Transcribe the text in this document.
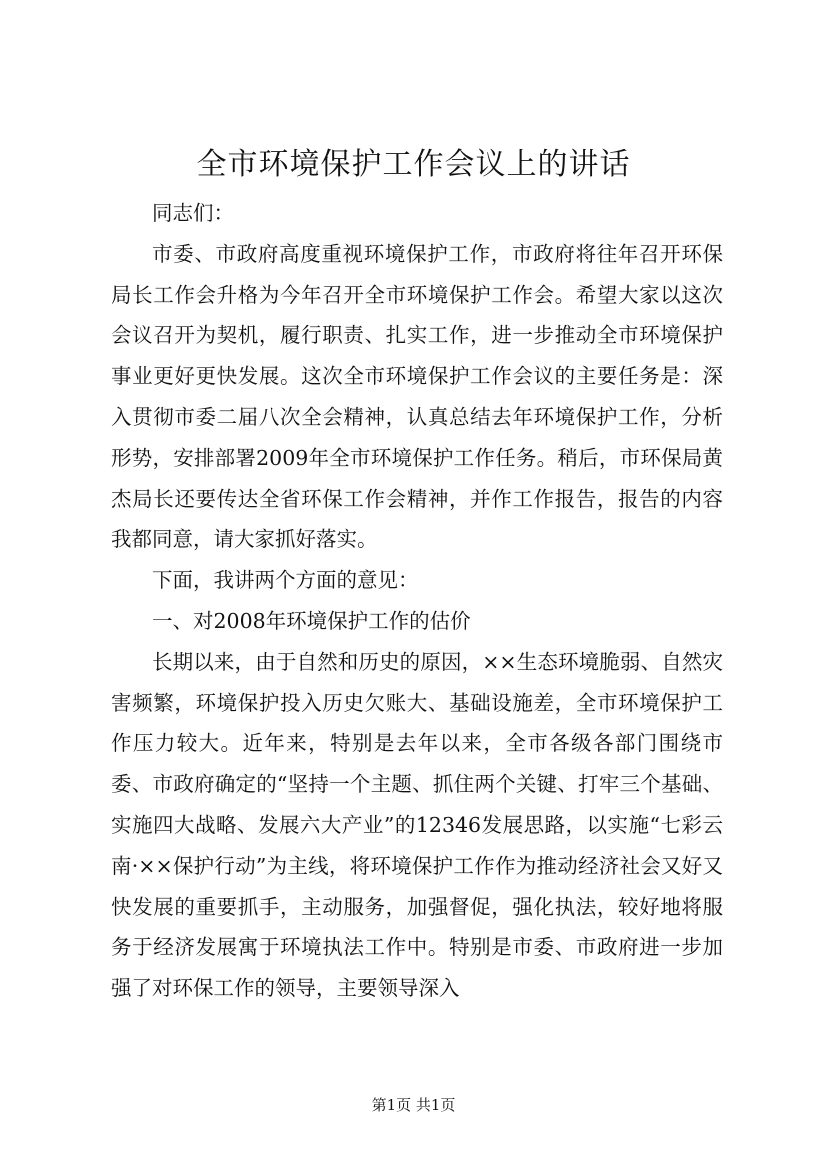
全市环境保护工作会议上的讲话

同志们：

市委、市政府高度重视环境保护工作，市政府将往年召开环保局长工作会升格为今年召开全市环境保护工作会。希望大家以这次会议召开为契机，履行职责、扎实工作，进一步推动全市环境保护事业更好更快发展。这次全市环境保护工作会议的主要任务是：深入贯彻市委二届八次全会精神，认真总结去年环境保护工作，分析形势，安排部署2009年全市环境保护工作任务。稍后，市环保局黄杰局长还要传达全省环保工作会精神，并作工作报告，报告的内容我都同意，请大家抓好落实。

下面，我讲两个方面的意见：

一、对2008年环境保护工作的估价

长期以来，由于自然和历史的原因，××生态环境脆弱、自然灾害频繁，环境保护投入历史欠账大、基础设施差，全市环境保护工作压力较大。近年来，特别是去年以来，全市各级各部门围绕市委、市政府确定的“坚持一个主题、抓住两个关键、打牢三个基础、实施四大战略、发展六大产业”的12346发展思路，以实施“七彩云南·××保护行动”为主线，将环境保护工作作为推动经济社会又好又快发展的重要抓手，主动服务，加强督促，强化执法，较好地将服务于经济发展寓于环境执法工作中。特别是市委、市政府进一步加强了对环保工作的领导，主要领导深入

第1页 共1页
